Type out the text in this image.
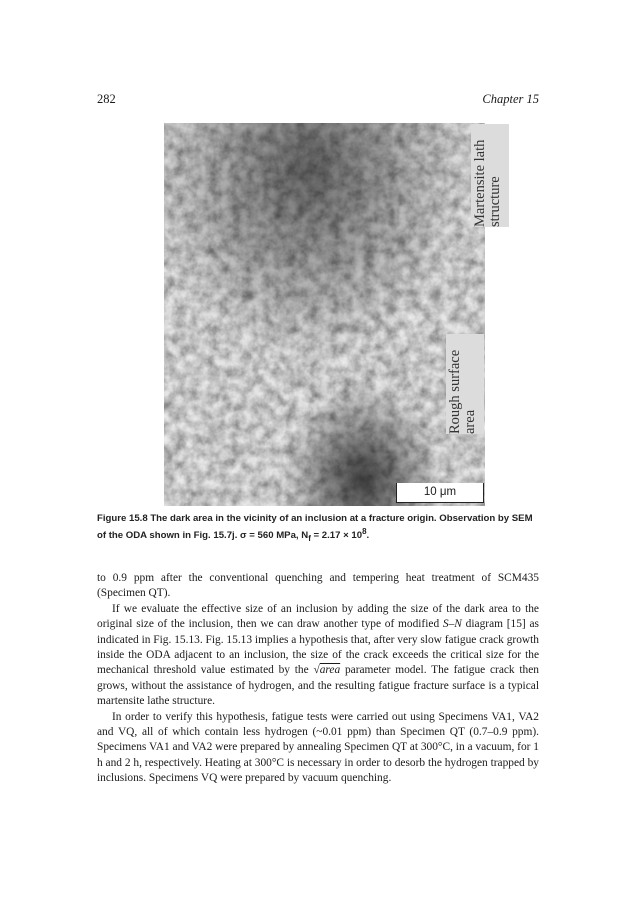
282	Chapter 15
Martensite lath structure
Rough surface area
10 μm
Figure 15.8 The dark area in the vicinity of an inclusion at a fracture origin. Observation by SEM of the ODA shown in Fig. 15.7j. σ = 560 MPa, $N_f = 2.17 \times 10^8$.

to 0.9 ppm after the conventional quenching and tempering heat treatment of SCM435 (Specimen QT).

If we evaluate the effective size of an inclusion by adding the size of the dark area to the original size of the inclusion, then we can draw another type of modified S–N diagram [15] as indicated in Fig. 15.13. Fig. 15.13 implies a hypothesis that, after very slow fatigue crack growth inside the ODA adjacent to an inclusion, the size of the crack exceeds the critical size for the mechanical threshold value estimated by the √area parameter model. The fatigue crack then grows, without the assistance of hydrogen, and the resulting fatigue fracture surface is a typical martensite lathe structure.

In order to verify this hypothesis, fatigue tests were carried out using Specimens VA1, VA2 and VQ, all of which contain less hydrogen (~0.01 ppm) than Specimen QT (0.7–0.9 ppm). Specimens VA1 and VA2 were prepared by annealing Specimen QT at 300°C, in a vacuum, for 1 h and 2 h, respectively. Heating at 300°C is necessary in order to desorb the hydrogen trapped by inclusions. Specimens VQ were prepared by vacuum quenching.
